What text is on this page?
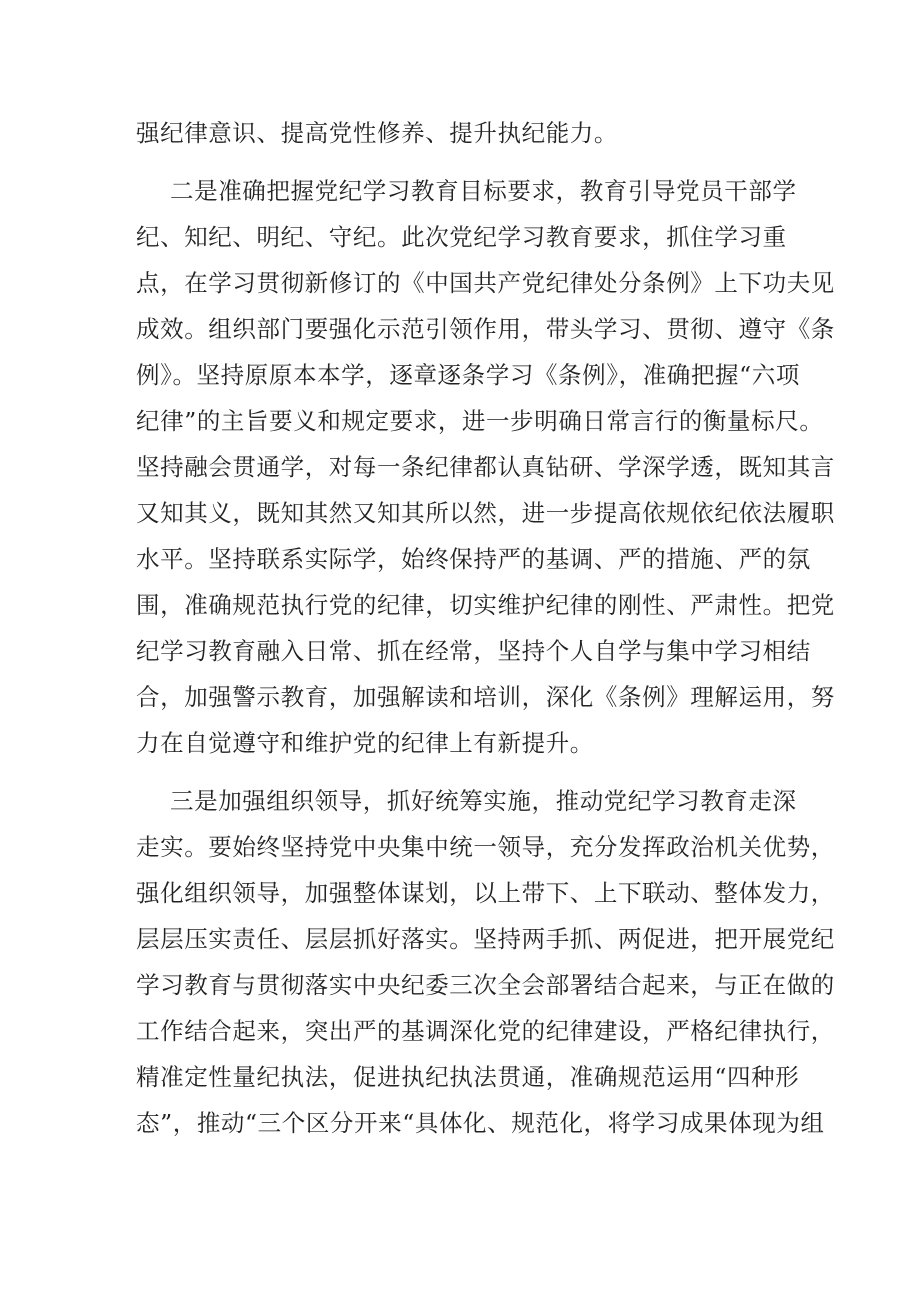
强纪律意识、提高党性修养、提升执纪能力。
二是准确把握党纪学习教育目标要求，教育引导党员干部学
纪、知纪、明纪、守纪。此次党纪学习教育要求，抓住学习重
点，在学习贯彻新修订的《中国共产党纪律处分条例》上下功夫见
成效。组织部门要强化示范引领作用，带头学习、贯彻、遵守《条
例》。坚持原原本本学，逐章逐条学习《条例》，准确把握“六项
纪律”的主旨要义和规定要求，进一步明确日常言行的衡量标尺。
坚持融会贯通学，对每一条纪律都认真钻研、学深学透，既知其言
又知其义，既知其然又知其所以然，进一步提高依规依纪依法履职
水平。坚持联系实际学，始终保持严的基调、严的措施、严的氛
围，准确规范执行党的纪律，切实维护纪律的刚性、严肃性。把党
纪学习教育融入日常、抓在经常，坚持个人自学与集中学习相结
合，加强警示教育，加强解读和培训，深化《条例》理解运用，努
力在自觉遵守和维护党的纪律上有新提升。
三是加强组织领导，抓好统筹实施，推动党纪学习教育走深
走实。要始终坚持党中央集中统一领导，充分发挥政治机关优势，
强化组织领导，加强整体谋划，以上带下、上下联动、整体发力，
层层压实责任、层层抓好落实。坚持两手抓、两促进，把开展党纪
学习教育与贯彻落实中央纪委三次全会部署结合起来，与正在做的
工作结合起来，突出严的基调深化党的纪律建设，严格纪律执行，
精准定性量纪执法，促进执纪执法贯通，准确规范运用“四种形
态”，推动“三个区分开来“具体化、规范化，将学习成果体现为组
